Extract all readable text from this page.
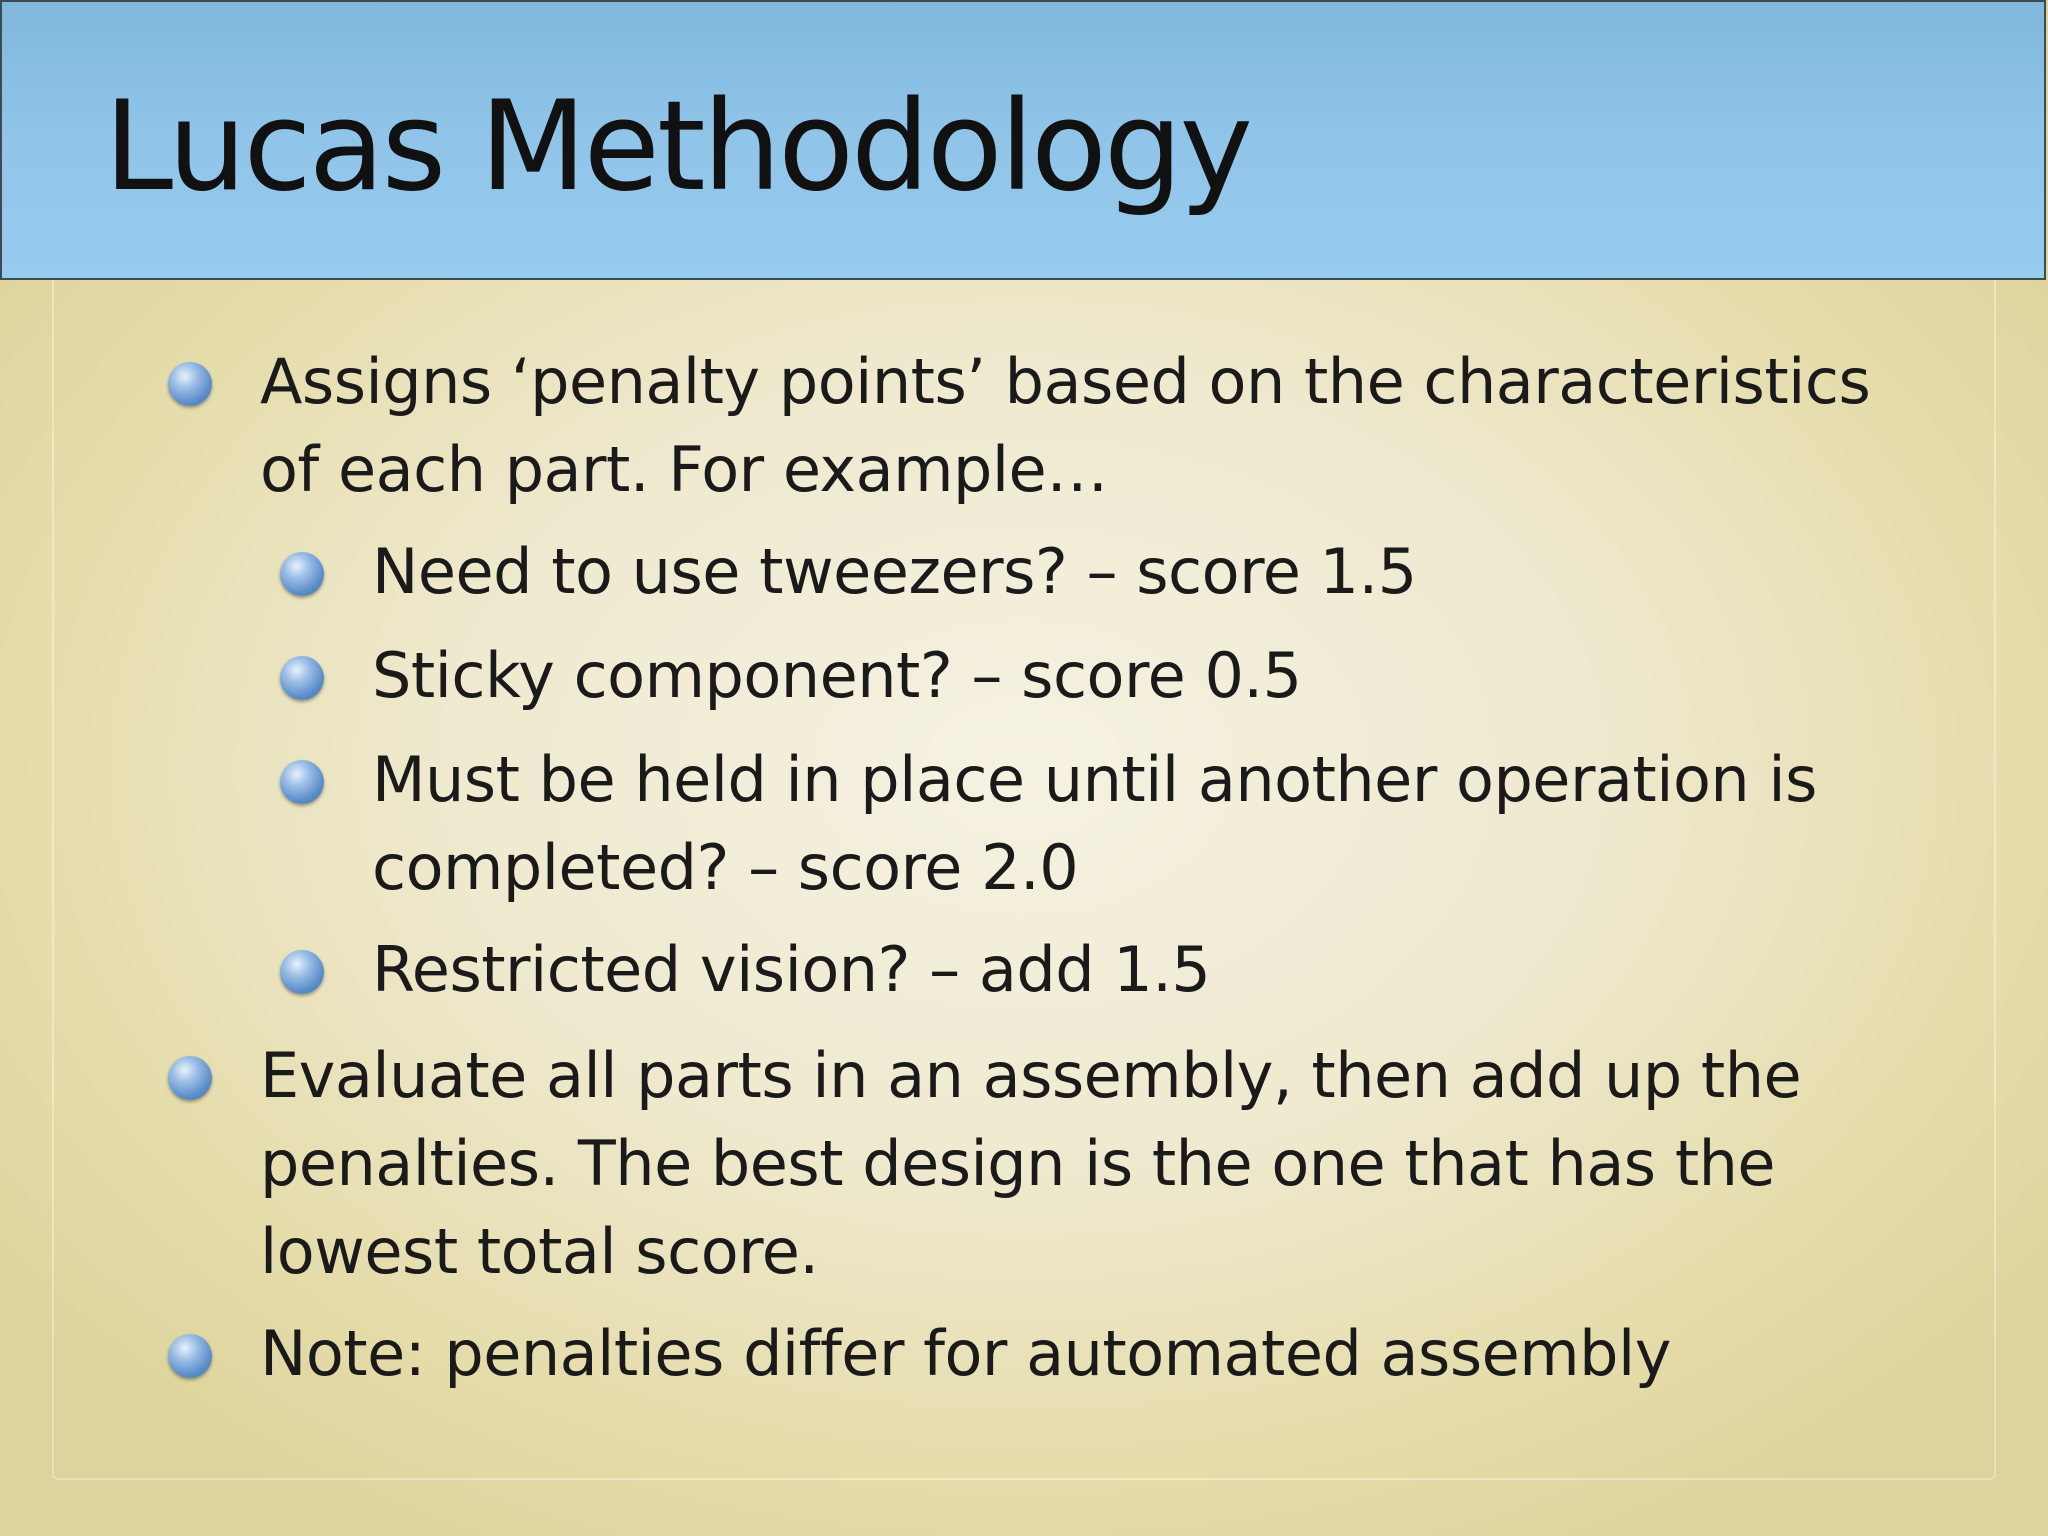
Lucas Methodology
Assigns ‘penalty points’ based on the characteristics
of each part. For example…
Need to use tweezers? – score 1.5
Sticky component? – score 0.5
Must be held in place until another operation is
completed? – score 2.0
Restricted vision? – add 1.5
Evaluate all parts in an assembly, then add up the
penalties. The best design is the one that has the
lowest total score.
Note: penalties differ for automated assembly
